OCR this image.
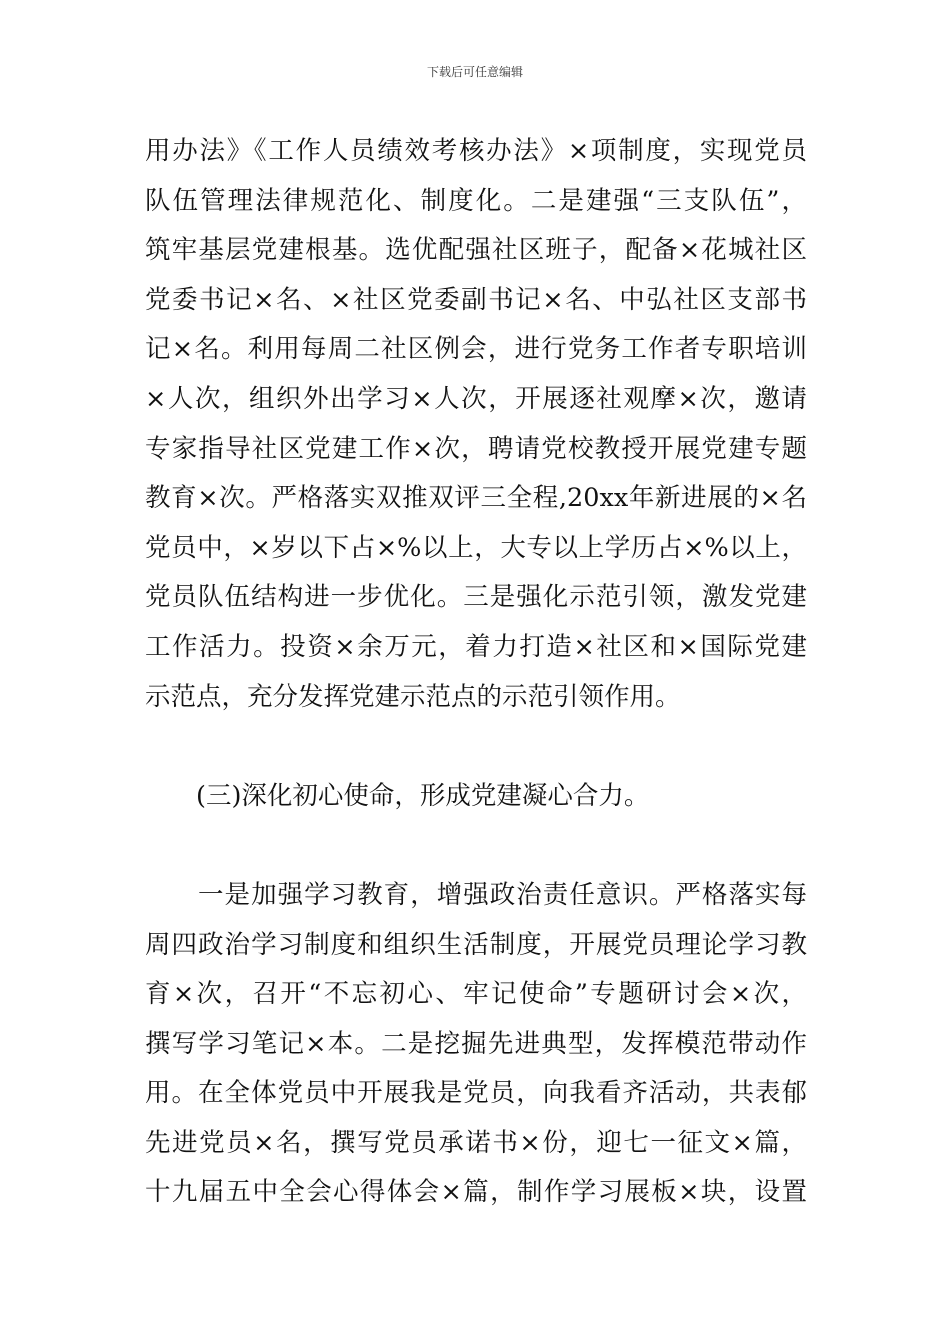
下载后可任意编辑
用办法》《工作人员绩效考核办法》×项制度，实现党员
队伍管理法律规范化、制度化。二是建强“三支队伍”，
筑牢基层党建根基。选优配强社区班子，配备×花城社区
党委书记×名、×社区党委副书记×名、中弘社区支部书
记×名。利用每周二社区例会，进行党务工作者专职培训
×人次，组织外出学习×人次，开展逐社观摩×次，邀请
专家指导社区党建工作×次，聘请党校教授开展党建专题
教育×次。严格落实双推双评三全程,20xx年新进展的×名
党员中，×岁以下占×%以上，大专以上学历占×%以上，
党员队伍结构进一步优化。三是强化示范引领，激发党建
工作活力。投资×余万元，着力打造×社区和×国际党建
示范点，充分发挥党建示范点的示范引领作用。
　　(三)深化初心使命，形成党建凝心合力。
　　一是加强学习教育，增强政治责任意识。严格落实每
周四政治学习制度和组织生活制度，开展党员理论学习教
育×次，召开“不忘初心、牢记使命”专题研讨会×次，
撰写学习笔记×本。二是挖掘先进典型，发挥模范带动作
用。在全体党员中开展我是党员，向我看齐活动，共表郁
先进党员×名，撰写党员承诺书×份，迎七一征文×篇，
十九届五中全会心得体会×篇，制作学习展板×块，设置
